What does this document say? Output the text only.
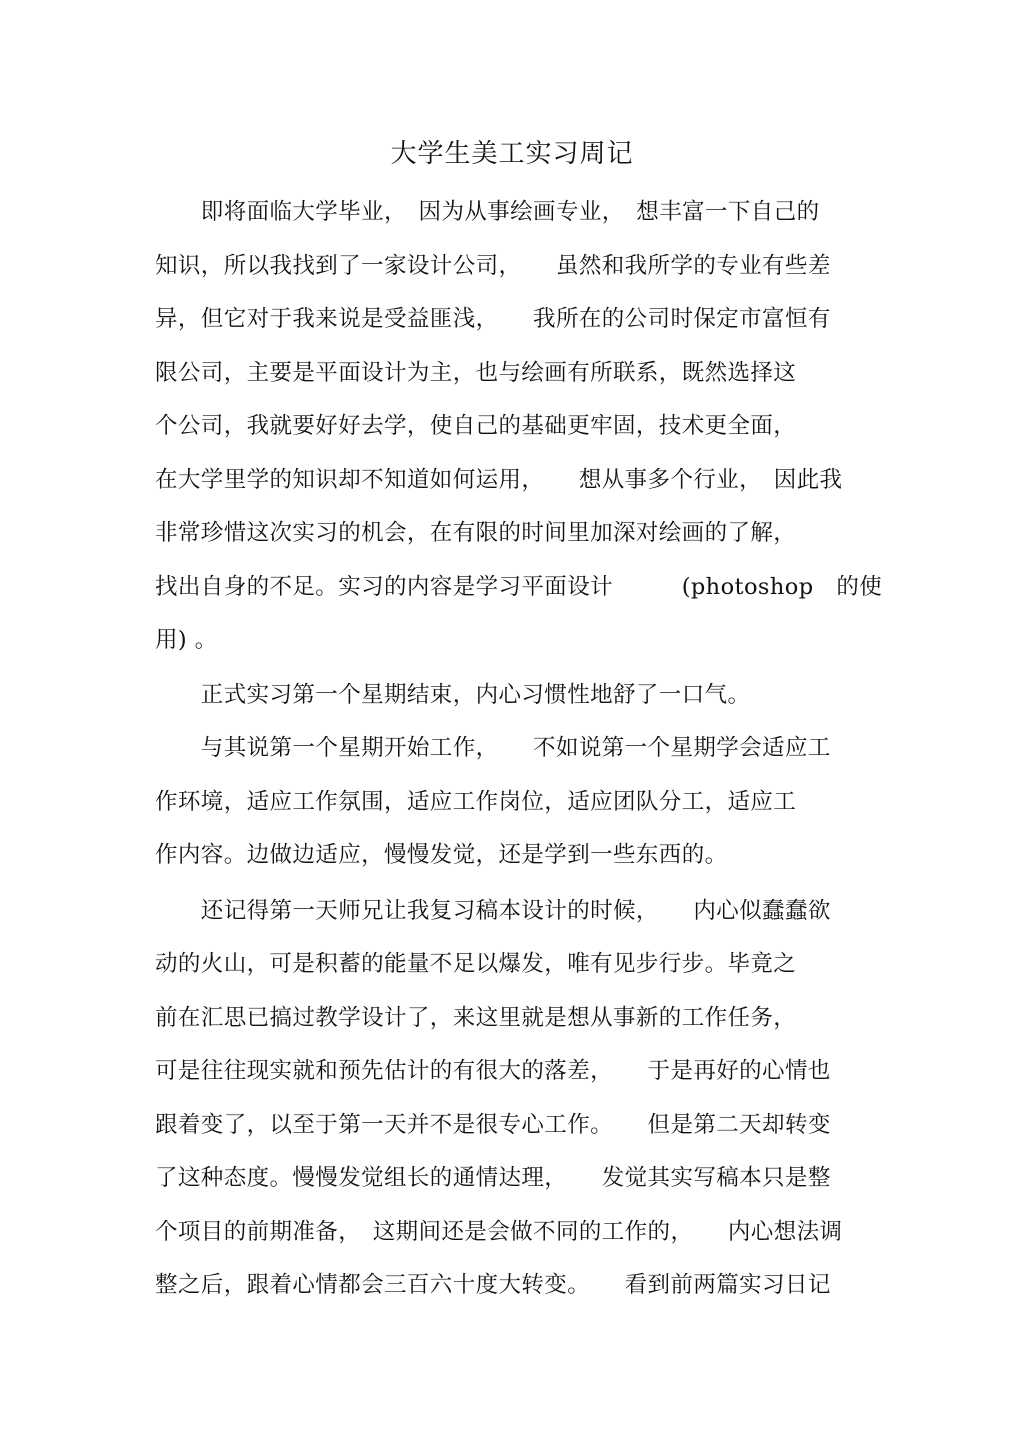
大学生美工实习周记
　　即将面临大学毕业，　因为从事绘画专业，　想丰富一下自己的
知识，所以我找到了一家设计公司，　　虽然和我所学的专业有些差
异，但它对于我来说是受益匪浅，　　我所在的公司时保定市富恒有
限公司，主要是平面设计为主，也与绘画有所联系，既然选择这
个公司，我就要好好去学，使自己的基础更牢固，技术更全面，
在大学里学的知识却不知道如何运用，　　想从事多个行业，　因此我
非常珍惜这次实习的机会，在有限的时间里加深对绘画的了解，
找出自身的不足。实习的内容是学习平面设计　　　(photoshop　的使
用) 。
　　正式实习第一个星期结束，内心习惯性地舒了一口气。
　　与其说第一个星期开始工作，　　不如说第一个星期学会适应工
作环境，适应工作氛围，适应工作岗位，适应团队分工，适应工
作内容。边做边适应，慢慢发觉，还是学到一些东西的。
　　还记得第一天师兄让我复习稿本设计的时候，　　内心似蠢蠢欲
动的火山，可是积蓄的能量不足以爆发，唯有见步行步。毕竟之
前在汇思已搞过教学设计了，来这里就是想从事新的工作任务，
可是往往现实就和预先估计的有很大的落差，　　于是再好的心情也
跟着变了，以至于第一天并不是很专心工作。　　但是第二天却转变
了这种态度。慢慢发觉组长的通情达理，　　发觉其实写稿本只是整
个项目的前期准备，　这期间还是会做不同的工作的，　　内心想法调
整之后，跟着心情都会三百六十度大转变。　　看到前两篇实习日记
